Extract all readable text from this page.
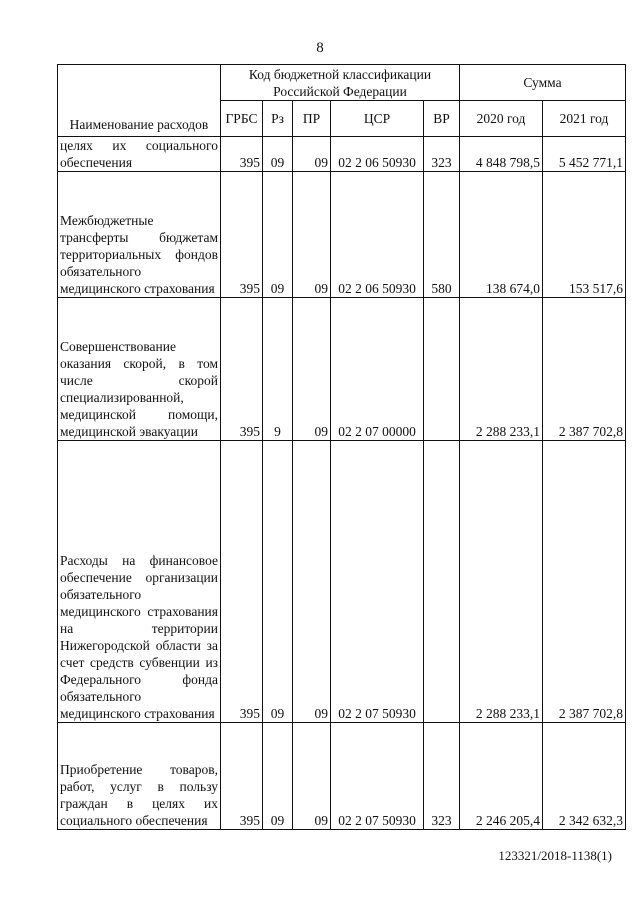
8
Наименование расходов	Код бюджетной классификации Российской Федерации					Сумма	
	ГРБС	Рз	ПР	ЦСР	ВР	2020 год	2021 год
целях их социального обеспечения	395	09	09	02 2 06 50930	323	4 848 798,5	5 452 771,1
Межбюджетные трансферты бюджетам территориальных фондов обязательного медицинского страхования	395	09	09	02 2 06 50930	580	138 674,0	153 517,6
Совершенствование оказания скорой, в том числе скорой специализированной, медицинской помощи, медицинской эвакуации	395	9	09	02 2 07 00000		2 288 233,1	2 387 702,8
Расходы на финансовое обеспечение организации обязательного медицинского страхования на территории Нижегородской области за счет средств субвенции из Федерального фонда обязательного медицинского страхования	395	09	09	02 2 07 50930		2 288 233,1	2 387 702,8
Приобретение товаров, работ, услуг в пользу граждан в целях их социального обеспечения	395	09	09	02 2 07 50930	323	2 246 205,4	2 342 632,3
123321/2018-1138(1)
